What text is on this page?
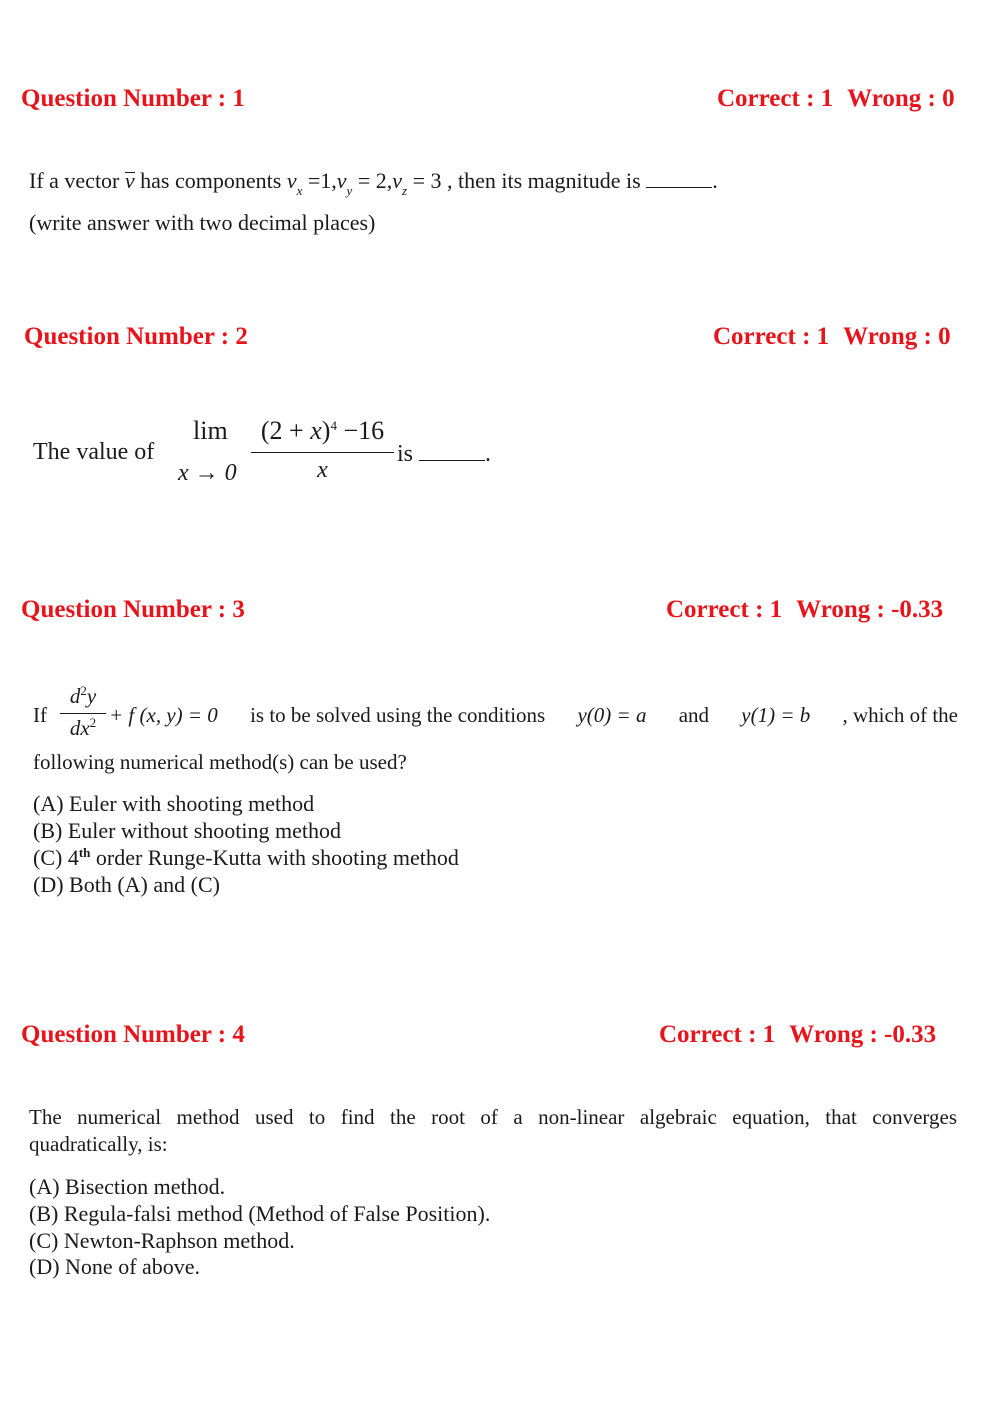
Question Number : 1	Correct : 1 Wrong : 0
If a vector v has components $v_x =1,v_y = 2,v_z = 3$ , then its magnitude is	.
(write answer with two decimal places)
Question Number : 2	Correct : 1 Wrong : 0
The value of
lim
x → 0
$(2 + x)^4 -16$
x
is	.
Question Number : 3	Correct : 1 Wrong : -0.33
If
$d^2y$
$dx^2 + f$ (x, y) = 0 is to be solved using the conditions y(0) = a and y(1) = b , which of the
following numerical method(s) can be used?
(A) Euler with shooting method
(B) Euler without shooting method
(C) 4th order Runge-Kutta with shooting method
(D) Both (A) and (C)
Question Number : 4	Correct : 1 Wrong : -0.33
The numerical method used to find the root of a non-linear algebraic equation, that converges
quadratically, is:
(A) Bisection method.
(B) Regula-falsi method (Method of False Position).
(C) Newton-Raphson method.
(D) None of above.
